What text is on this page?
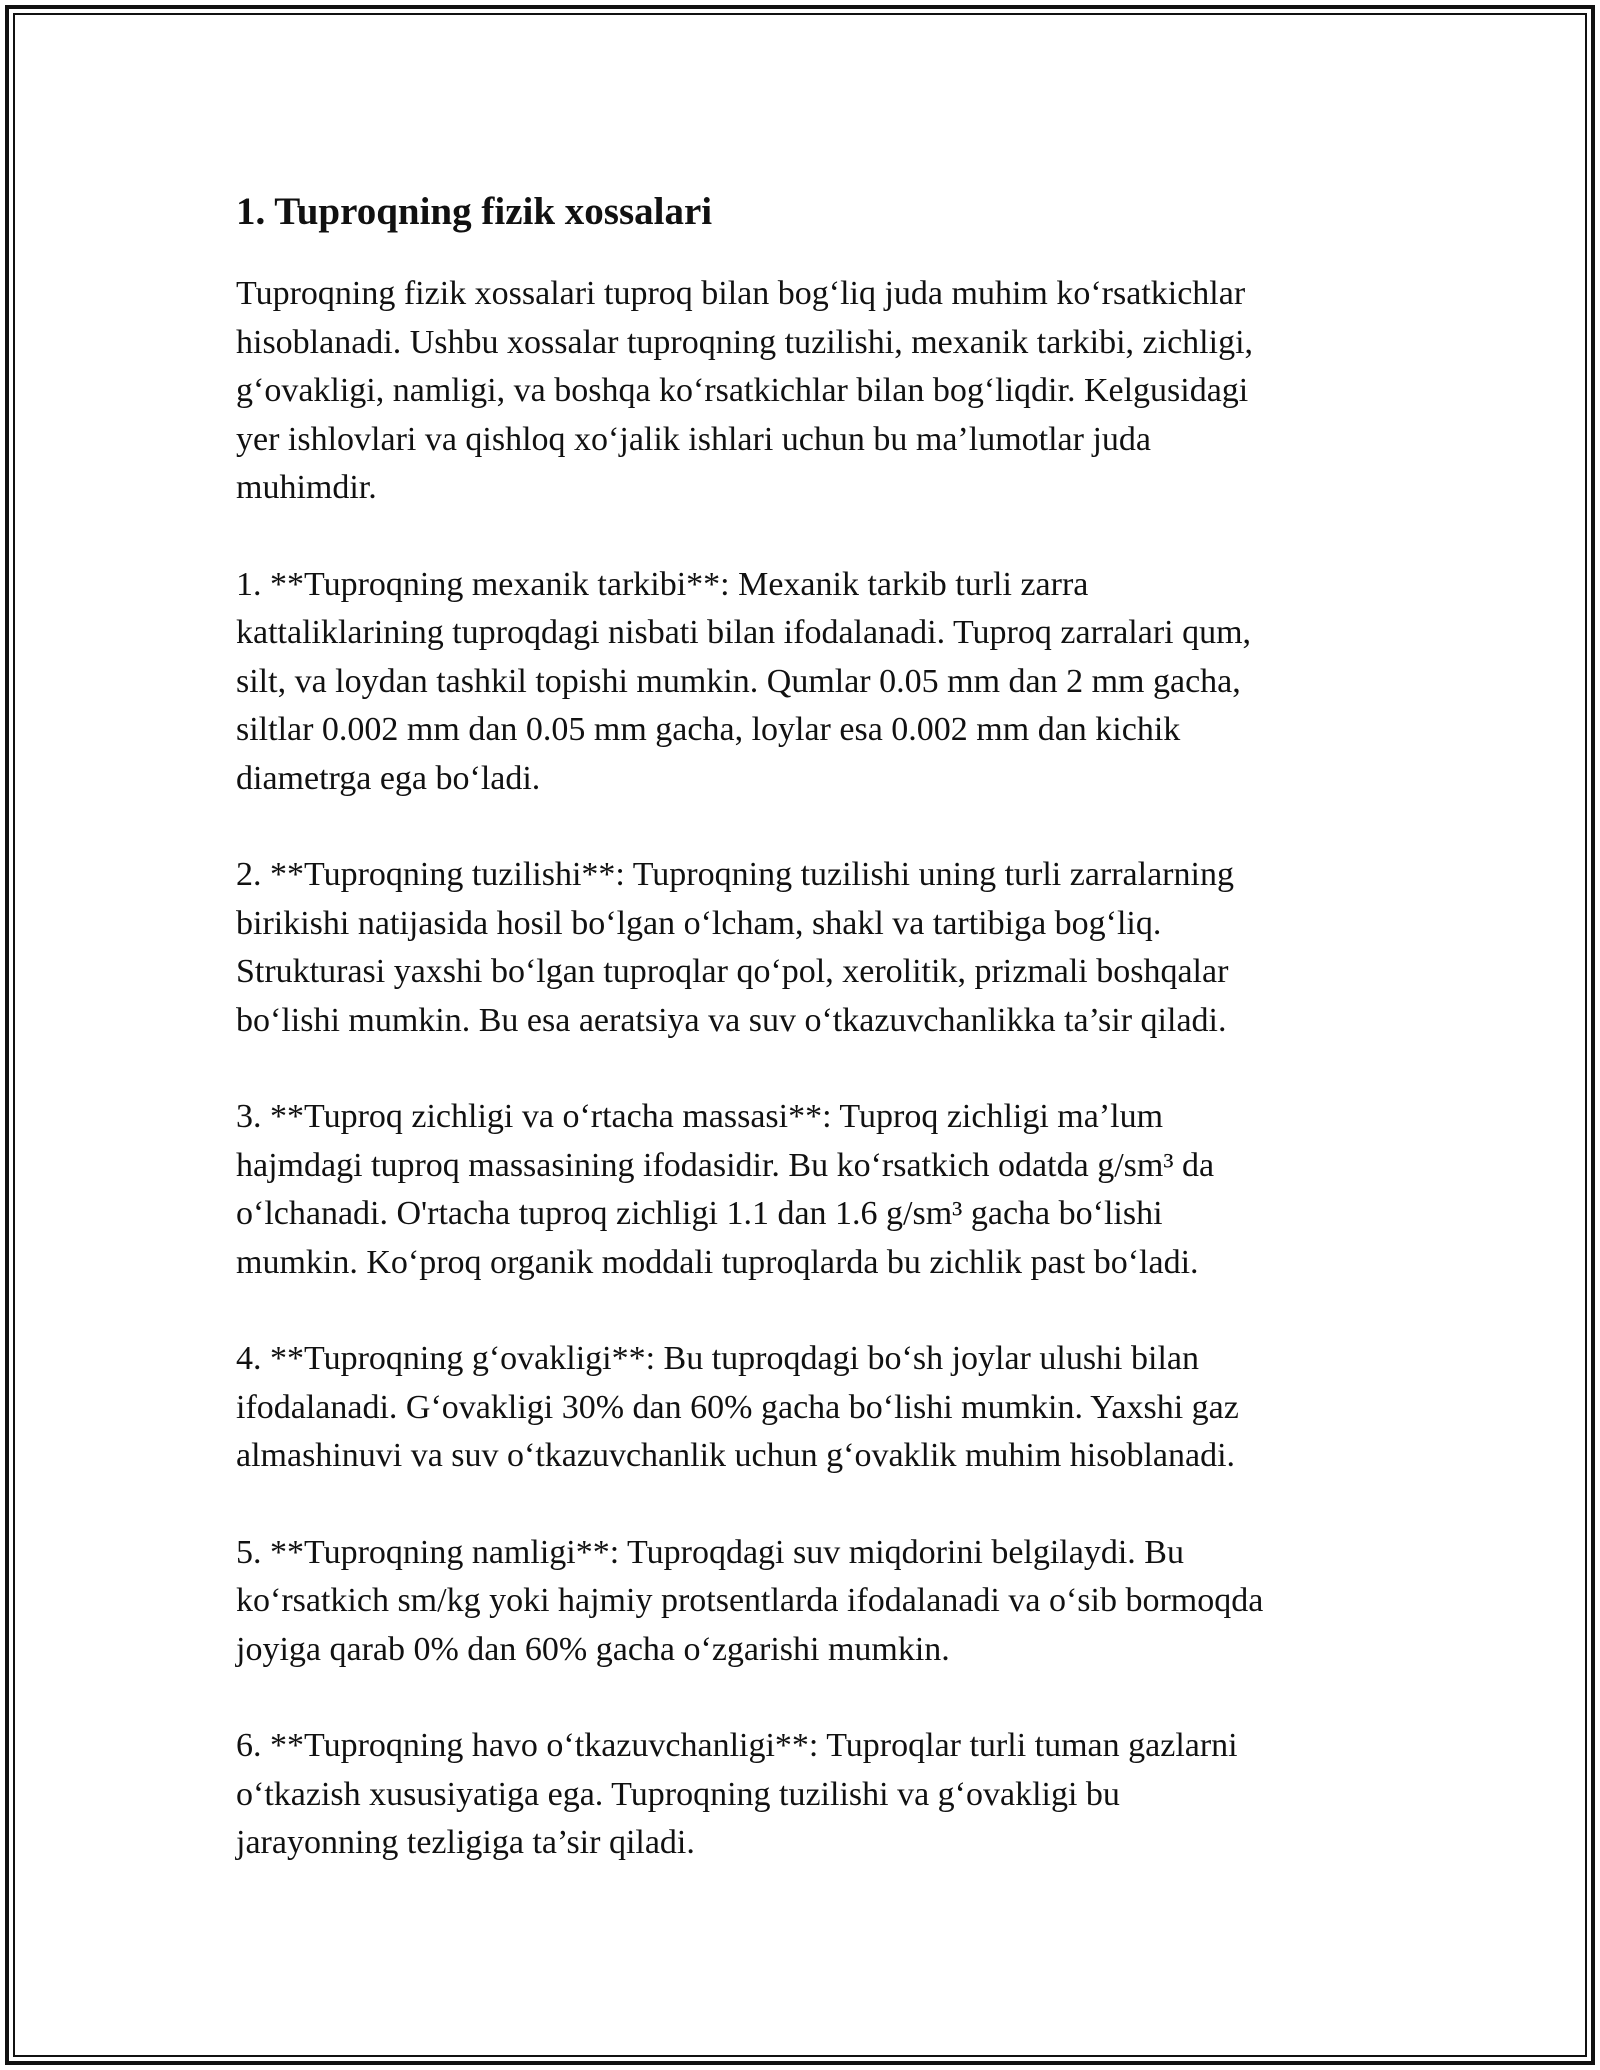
1. Tuproqning fizik xossalari

Tuproqning fizik xossalari tuproq bilan bog‘liq juda muhim ko‘rsatkichlar
hisoblanadi. Ushbu xossalar tuproqning tuzilishi, mexanik tarkibi, zichligi,
g‘ovakligi, namligi, va boshqa ko‘rsatkichlar bilan bog‘liqdir. Kelgusidagi
yer ishlovlari va qishloq xo‘jalik ishlari uchun bu ma’lumotlar juda
muhimdir.

1. **Tuproqning mexanik tarkibi**: Mexanik tarkib turli zarra
kattaliklarining tuproqdagi nisbati bilan ifodalanadi. Tuproq zarralari qum,
silt, va loydan tashkil topishi mumkin. Qumlar 0.05 mm dan 2 mm gacha,
siltlar 0.002 mm dan 0.05 mm gacha, loylar esa 0.002 mm dan kichik
diametrga ega bo‘ladi.

2. **Tuproqning tuzilishi**: Tuproqning tuzilishi uning turli zarralarning
birikishi natijasida hosil bo‘lgan o‘lcham, shakl va tartibiga bog‘liq.
Strukturasi yaxshi bo‘lgan tuproqlar qo‘pol, xerolitik, prizmali boshqalar
bo‘lishi mumkin. Bu esa aeratsiya va suv o‘tkazuvchanlikka ta’sir qiladi.

3. **Tuproq zichligi va o‘rtacha massasi**: Tuproq zichligi ma’lum
hajmdagi tuproq massasining ifodasidir. Bu ko‘rsatkich odatda g/sm³ da
o‘lchanadi. O'rtacha tuproq zichligi 1.1 dan 1.6 g/sm³ gacha bo‘lishi
mumkin. Ko‘proq organik moddali tuproqlarda bu zichlik past bo‘ladi.

4. **Tuproqning g‘ovakligi**: Bu tuproqdagi bo‘sh joylar ulushi bilan
ifodalanadi. G‘ovakligi 30% dan 60% gacha bo‘lishi mumkin. Yaxshi gaz
almashinuvi va suv o‘tkazuvchanlik uchun g‘ovaklik muhim hisoblanadi.

5. **Tuproqning namligi**: Tuproqdagi suv miqdorini belgilaydi. Bu
ko‘rsatkich sm/kg yoki hajmiy protsentlarda ifodalanadi va o‘sib bormoqda
joyiga qarab 0% dan 60% gacha o‘zgarishi mumkin.

6. **Tuproqning havo o‘tkazuvchanligi**: Tuproqlar turli tuman gazlarni
o‘tkazish xususiyatiga ega. Tuproqning tuzilishi va g‘ovakligi bu
jarayonning tezligiga ta’sir qiladi.
